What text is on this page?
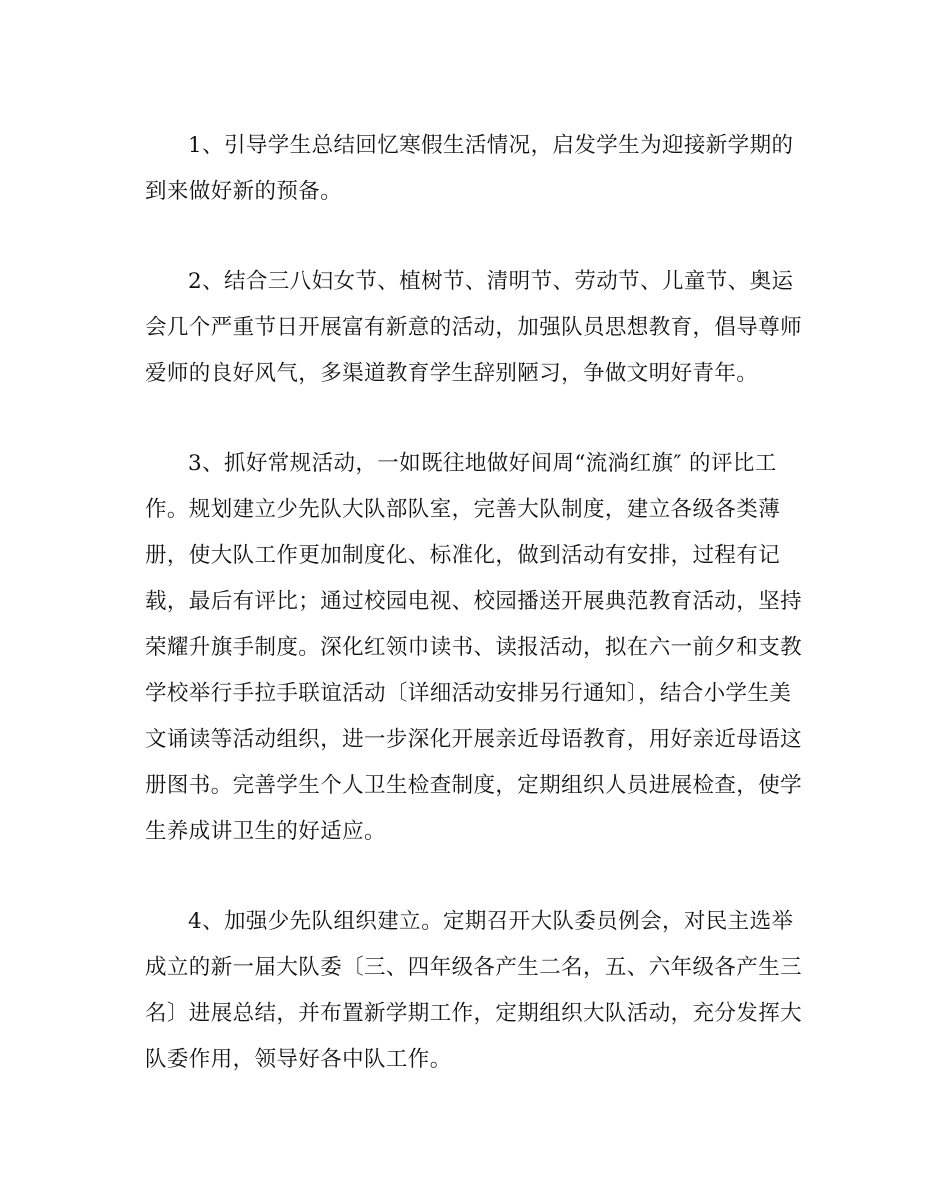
1、引导学生总结回忆寒假生活情况，启发学生为迎接新学期的
到来做好新的预备。

2、结合三八妇女节、植树节、清明节、劳动节、儿童节、奥运
会几个严重节日开展富有新意的活动，加强队员思想教育，倡导尊师
爱师的良好风气，多渠道教育学生辞别陋习，争做文明好青年。

3、抓好常规活动，一如既往地做好间周“流淌红旗″ 的评比工
作。规划建立少先队大队部队室，完善大队制度，建立各级各类薄
册，使大队工作更加制度化、标准化，做到活动有安排，过程有记
载，最后有评比；通过校园电视、校园播送开展典范教育活动，坚持
荣耀升旗手制度。深化红领巾读书、读报活动，拟在六一前夕和支教
学校举行手拉手联谊活动〔详细活动安排另行通知〕，结合小学生美
文诵读等活动组织，进一步深化开展亲近母语教育，用好亲近母语这
册图书。完善学生个人卫生检查制度，定期组织人员进展检查，使学
生养成讲卫生的好适应。

4、加强少先队组织建立。定期召开大队委员例会，对民主选举
成立的新一届大队委〔三、四年级各产生二名，五、六年级各产生三
名〕进展总结，并布置新学期工作，定期组织大队活动，充分发挥大
队委作用，领导好各中队工作。
